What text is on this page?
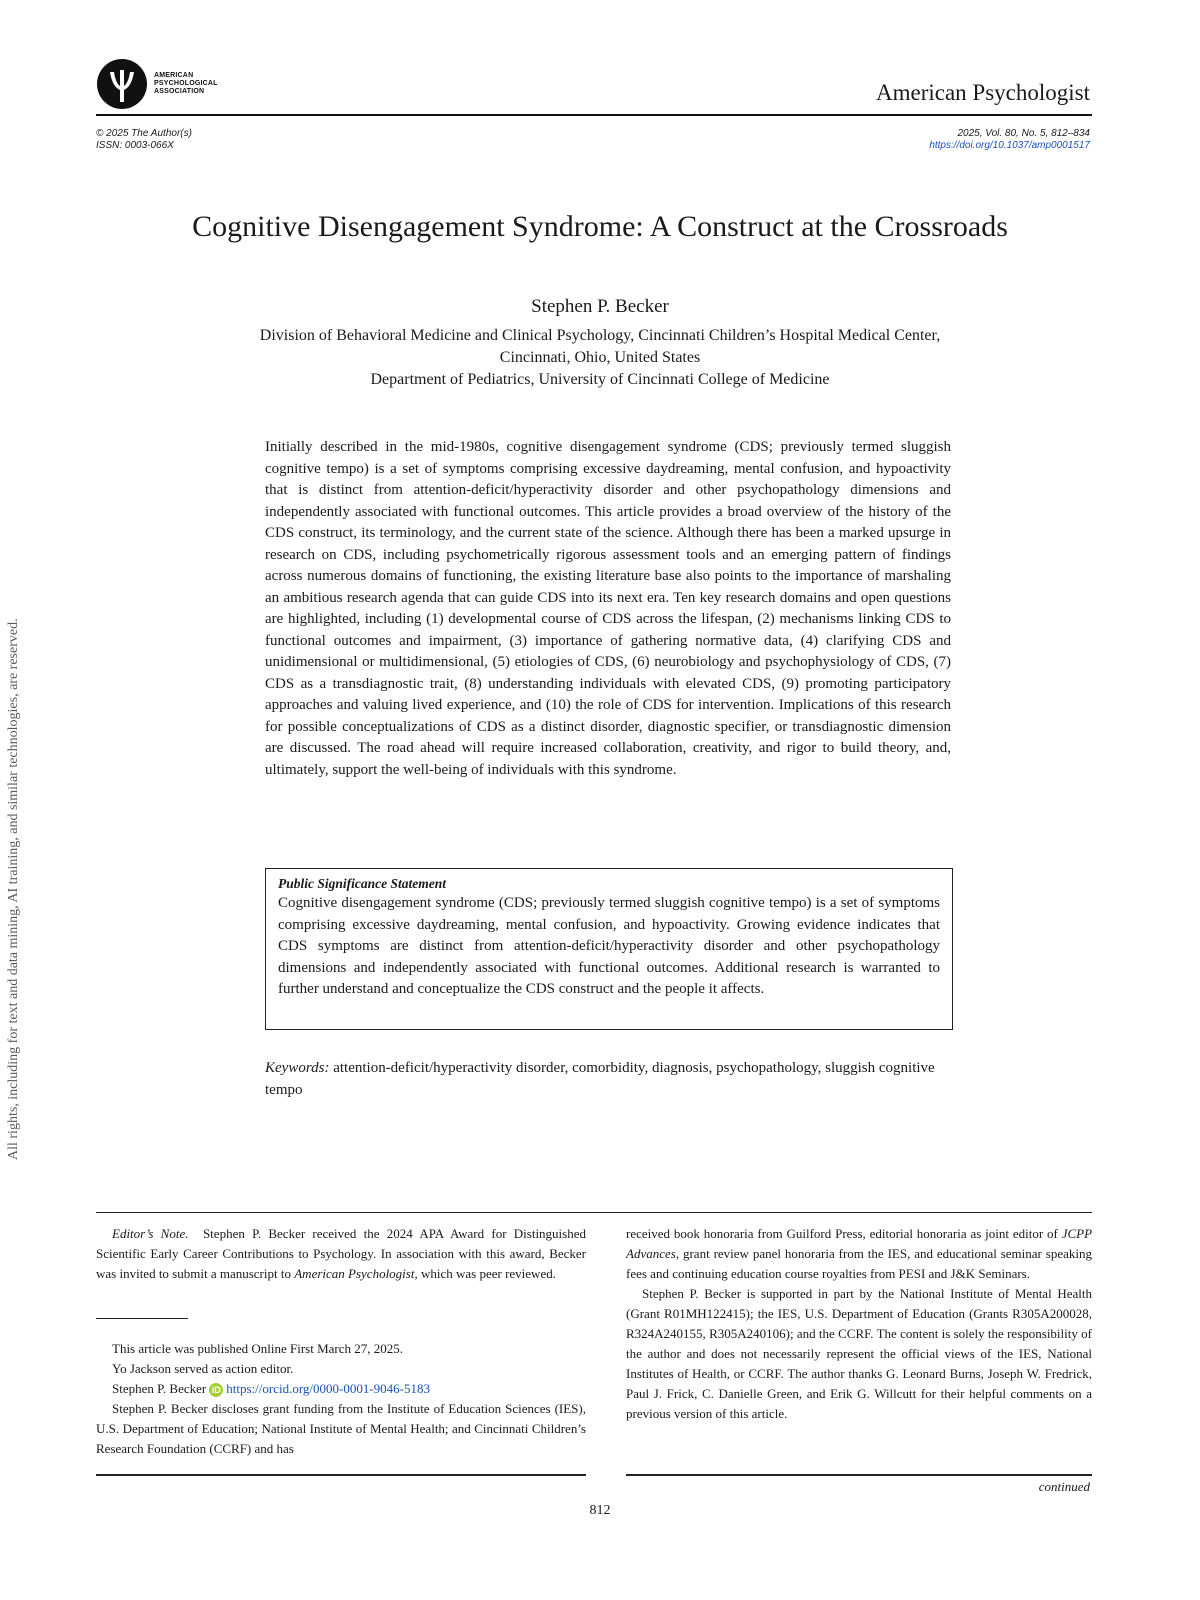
AMERICAN
PSYCHOLOGICAL
ASSOCIATION	American Psychologist
© 2025 The Author(s)
ISSN: 0003-066X
2025, Vol. 80, No. 5, 812–834
https://doi.org/10.1037/amp0001517
Cognitive Disengagement Syndrome: A Construct at the Crossroads
Stephen P. Becker
Division of Behavioral Medicine and Clinical Psychology, Cincinnati Children’s Hospital Medical Center,
Cincinnati, Ohio, United States
Department of Pediatrics, University of Cincinnati College of Medicine

Initially described in the mid-1980s, cognitive disengagement syndrome (CDS; previously termed sluggish cognitive tempo) is a set of symptoms comprising excessive daydreaming, mental confusion, and hypoactivity that is distinct from attention-deficit/hyperactivity disorder and other psychopathology dimensions and independently associated with functional outcomes. This article provides a broad overview of the history of the CDS construct, its terminology, and the current state of the science. Although there has been a marked upsurge in research on CDS, including psychometrically rigorous assessment tools and an emerging pattern of findings across numerous domains of functioning, the existing literature base also points to the importance of marshaling an ambitious research agenda that can guide CDS into its next era. Ten key research domains and open questions are highlighted, including (1) developmental course of CDS across the lifespan, (2) mechanisms linking CDS to functional outcomes and impairment, (3) importance of gathering normative data, (4) clarifying CDS and unidimensional or multidimensional, (5) etiologies of CDS, (6) neurobiology and psychophysiology of CDS, (7) CDS as a transdiagnostic trait, (8) understanding individuals with elevated CDS, (9) promoting participatory approaches and valuing lived experience, and (10) the role of CDS for intervention. Implications of this research for possible conceptualizations of CDS as a distinct disorder, diagnostic specifier, or transdiagnostic dimension are discussed. The road ahead will require increased collaboration, creativity, and rigor to build theory, and, ultimately, support the well-being of individuals with this syndrome.

Public Significance Statement

Cognitive disengagement syndrome (CDS; previously termed sluggish cognitive tempo) is a set of symptoms comprising excessive daydreaming, mental confusion, and hypoactivity. Growing evidence indicates that CDS symptoms are distinct from attention-deficit/hyperactivity disorder and other psychopathology dimensions and independently associated with functional outcomes. Additional research is warranted to further understand and conceptualize the CDS construct and the people it affects.

Keywords: attention-deficit/hyperactivity disorder, comorbidity, diagnosis, psychopathology, sluggish cognitive tempo
All rights, including for text and data mining, AI training, and similar technologies, are reserved.

Editor’s Note. Stephen P. Becker received the 2024 APA Award for Distinguished Scientific Early Career Contributions to Psychology. In association with this award, Becker was invited to submit a manuscript to American Psychologist, which was peer reviewed.

This article was published Online First March 27, 2025.

Yo Jackson served as action editor.

Stephen P. Becker iD https://orcid.org/0000-0001-9046-5183

Stephen P. Becker discloses grant funding from the Institute of Education Sciences (IES), U.S. Department of Education; National Institute of Mental Health; and Cincinnati Children’s Research Foundation (CCRF) and has

received book honoraria from Guilford Press, editorial honoraria as joint editor of JCPP Advances, grant review panel honoraria from the IES, and educational seminar speaking fees and continuing education course royalties from PESI and J&K Seminars.

Stephen P. Becker is supported in part by the National Institute of Mental Health (Grant R01MH122415); the IES, U.S. Department of Education (Grants R305A200028, R324A240155, R305A240106); and the CCRF. The content is solely the responsibility of the author and does not necessarily represent the official views of the IES, National Institutes of Health, or CCRF. The author thanks G. Leonard Burns, Joseph W. Fredrick, Paul J. Frick, C. Danielle Green, and Erik G. Willcutt for their helpful comments on a previous version of this article.

continued
812
